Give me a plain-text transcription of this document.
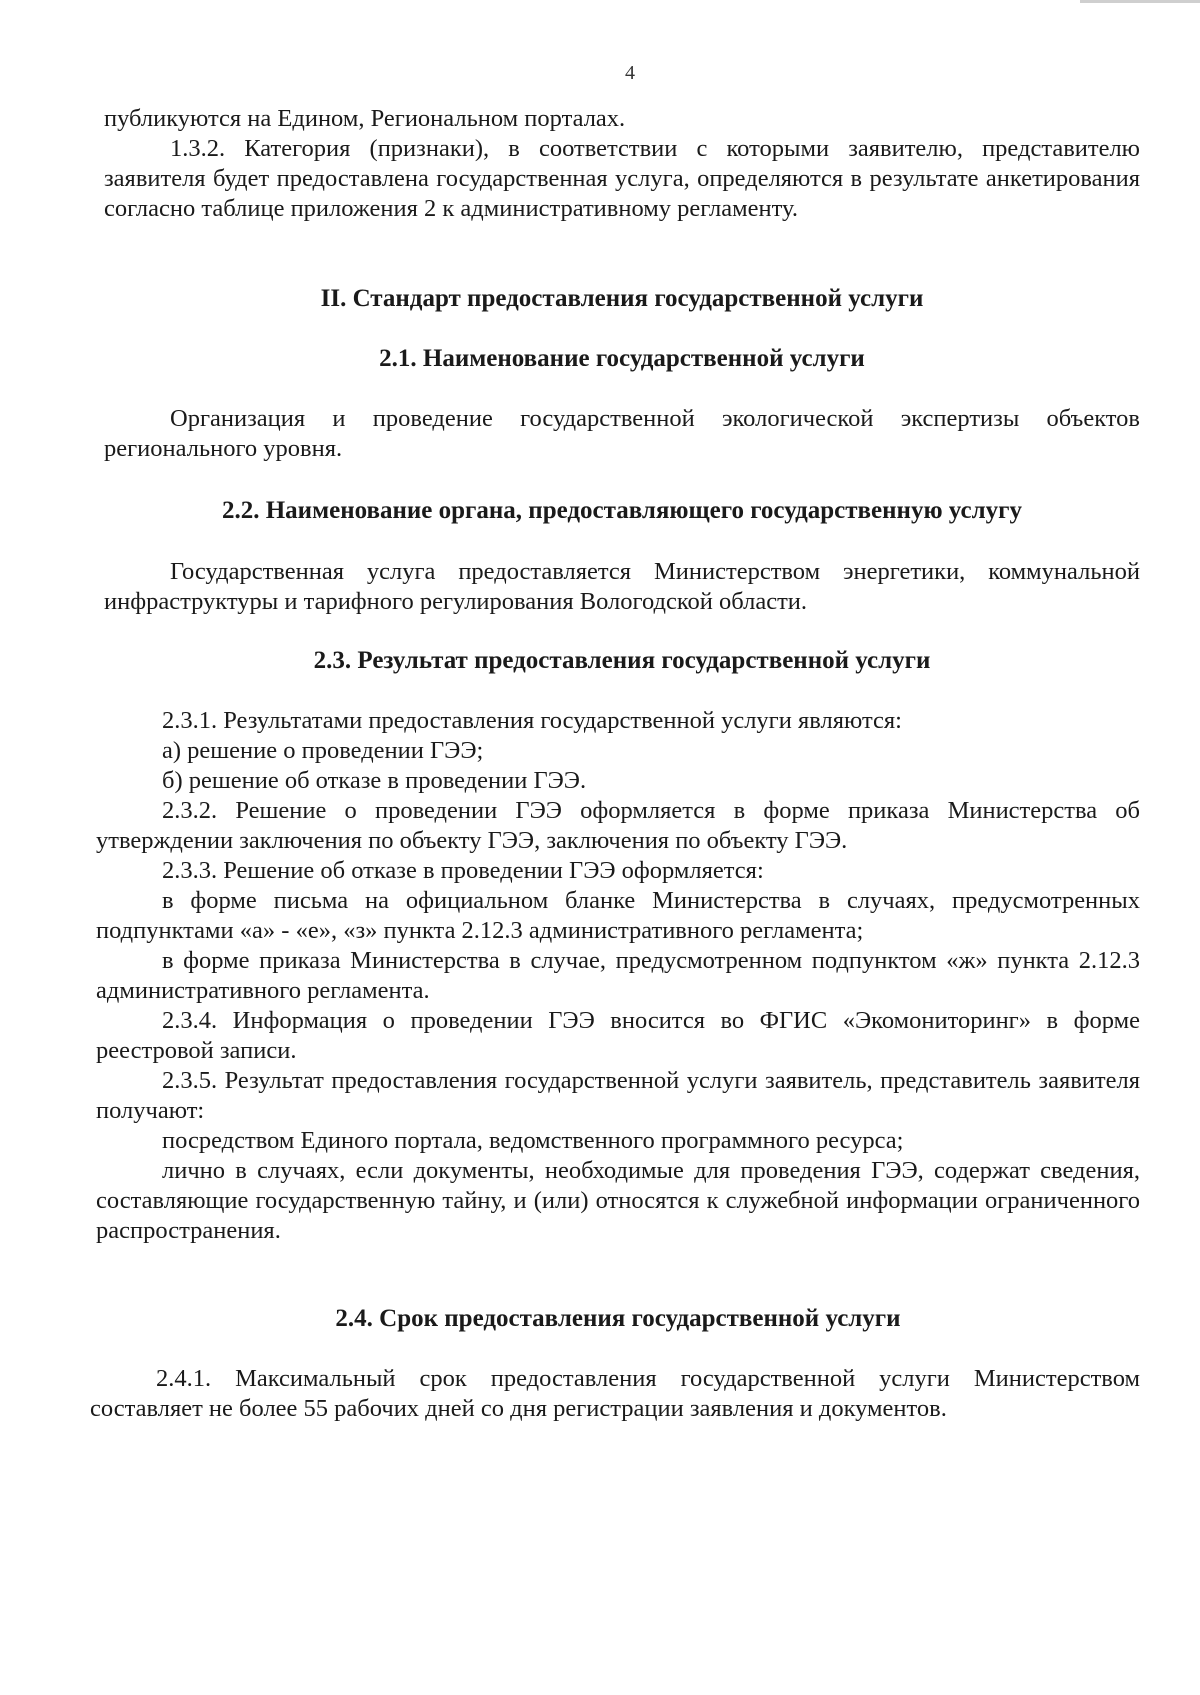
4

публикуются на Едином, Региональном порталах.

1.3.2. Категория (признаки), в соответствии с которыми заявителю, представителю заявителя будет предоставлена государственная услуга, определяются в результате анкетирования согласно таблице приложения 2 к административному регламенту.

II. Стандарт предоставления государственной услуги
2.1. Наименование государственной услуги

Организация и проведение государственной экологической экспертизы объектов регионального уровня.

2.2. Наименование органа, предоставляющего государственную услугу

Государственная услуга предоставляется Министерством энергетики, коммунальной инфраструктуры и тарифного регулирования Вологодской области.

2.3. Результат предоставления государственной услуги

2.3.1. Результатами предоставления государственной услуги являются:

а) решение о проведении ГЭЭ;

б) решение об отказе в проведении ГЭЭ.

2.3.2. Решение о проведении ГЭЭ оформляется в форме приказа Министерства об утверждении заключения по объекту ГЭЭ, заключения по объекту ГЭЭ.

2.3.3. Решение об отказе в проведении ГЭЭ оформляется:

в форме письма на официальном бланке Министерства в случаях, предусмотренных подпунктами «а» - «е», «з» пункта 2.12.3 административного регламента;

в форме приказа Министерства в случае, предусмотренном подпунктом «ж» пункта 2.12.3 административного регламента.

2.3.4. Информация о проведении ГЭЭ вносится во ФГИС «Экомониторинг» в форме реестровой записи.

2.3.5. Результат предоставления государственной услуги заявитель, представитель заявителя получают:

посредством Единого портала, ведомственного программного ресурса;

лично в случаях, если документы, необходимые для проведения ГЭЭ, содержат сведения, составляющие государственную тайну, и (или) относятся к служебной информации ограниченного распространения.

2.4. Срок предоставления государственной услуги

2.4.1. Максимальный срок предоставления государственной услуги Министерством составляет не более 55 рабочих дней со дня регистрации заявления и документов.
